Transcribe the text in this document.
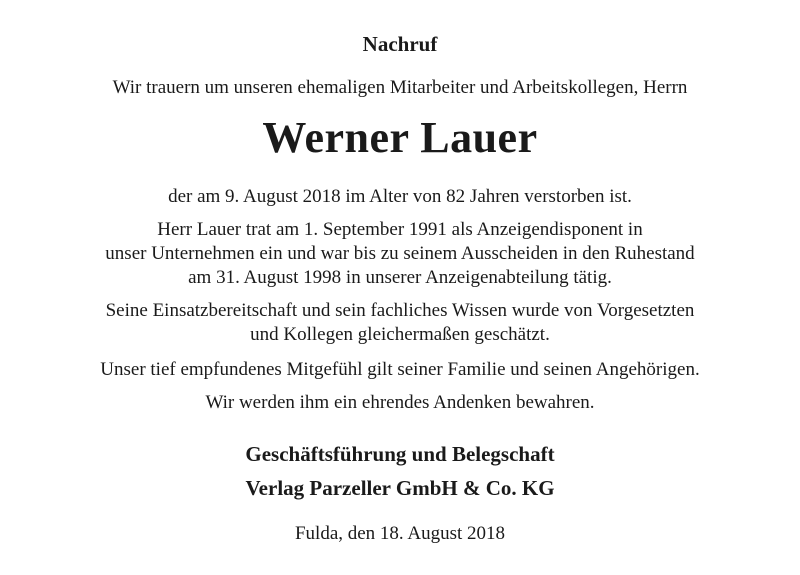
Nachruf
Wir trauern um unseren ehemaligen Mitarbeiter und Arbeitskollegen, Herrn
Werner Lauer
der am 9. August 2018 im Alter von 82 Jahren verstorben ist.
Herr Lauer trat am 1. September 1991 als Anzeigendisponent in
unser Unternehmen ein und war bis zu seinem Ausscheiden in den Ruhestand
am 31. August 1998 in unserer Anzeigenabteilung tätig.
Seine Einsatzbereitschaft und sein fachliches Wissen wurde von Vorgesetzten
und Kollegen gleichermaßen geschätzt.
Unser tief empfundenes Mitgefühl gilt seiner Familie und seinen Angehörigen.
Wir werden ihm ein ehrendes Andenken bewahren.
Geschäftsführung und Belegschaft
Verlag Parzeller GmbH & Co. KG
Fulda, den 18. August 2018
